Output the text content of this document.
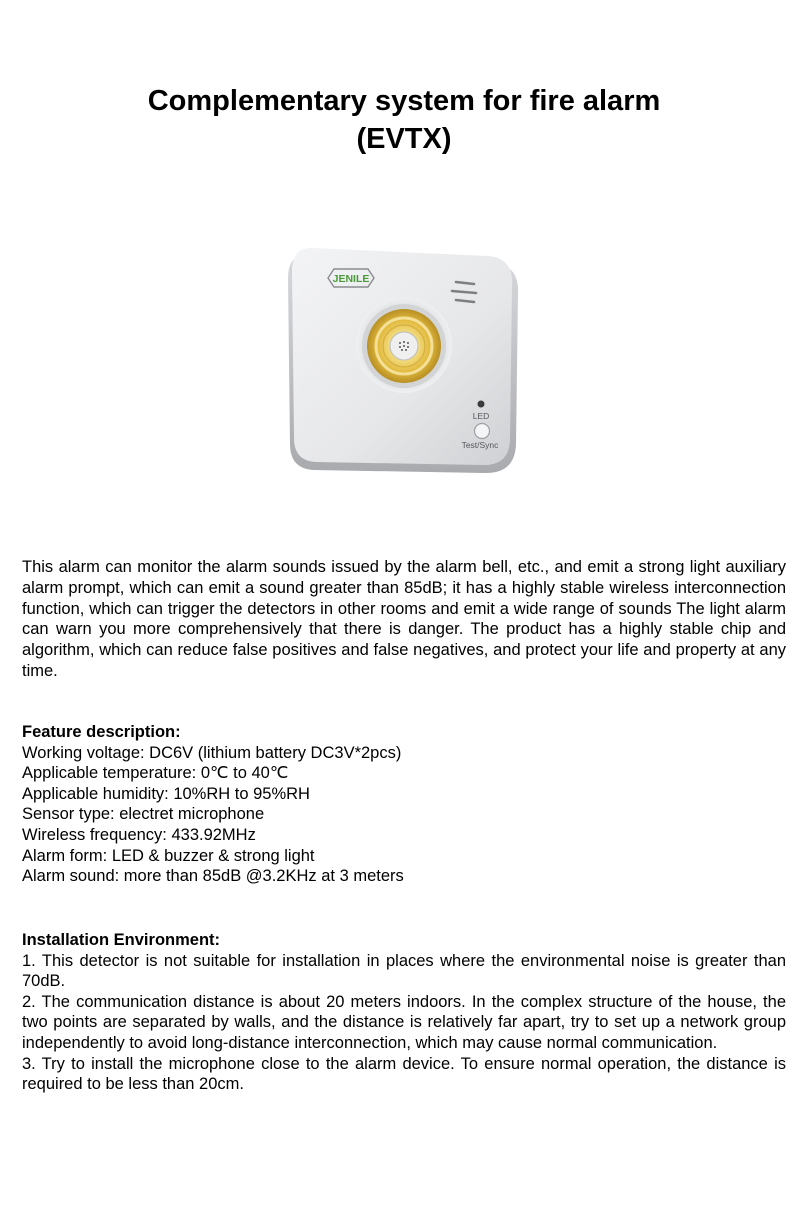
Complementary system for fire alarm
(EVTX)
JENILE
LED
Test/Sync

This alarm can monitor the alarm sounds issued by the alarm bell, etc., and emit a strong light auxiliary alarm prompt, which can emit a sound greater than 85dB; it has a highly stable wireless interconnection function, which can trigger the detectors in other rooms and emit a wide range of sounds The light alarm can warn you more comprehensively that there is danger. The product has a highly stable chip and algorithm, which can reduce false positives and false negatives, and protect your life and property at any time.

Feature description:

Working voltage: DC6V (lithium battery DC3V*2pcs)

Applicable temperature: 0℃ to 40℃

Applicable humidity: 10%RH to 95%RH

Sensor type: electret microphone

Wireless frequency: 433.92MHz

Alarm form: LED & buzzer & strong light

Alarm sound: more than 85dB @3.2KHz at 3 meters

Installation Environment:

1. This detector is not suitable for installation in places where the environmental noise is greater than 70dB.

2. The communication distance is about 20 meters indoors. In the complex structure of the house, the two points are separated by walls, and the distance is relatively far apart, try to set up a network group independently to avoid long-distance interconnection, which may cause normal communication.

3. Try to install the microphone close to the alarm device. To ensure normal operation, the distance is required to be less than 20cm.
